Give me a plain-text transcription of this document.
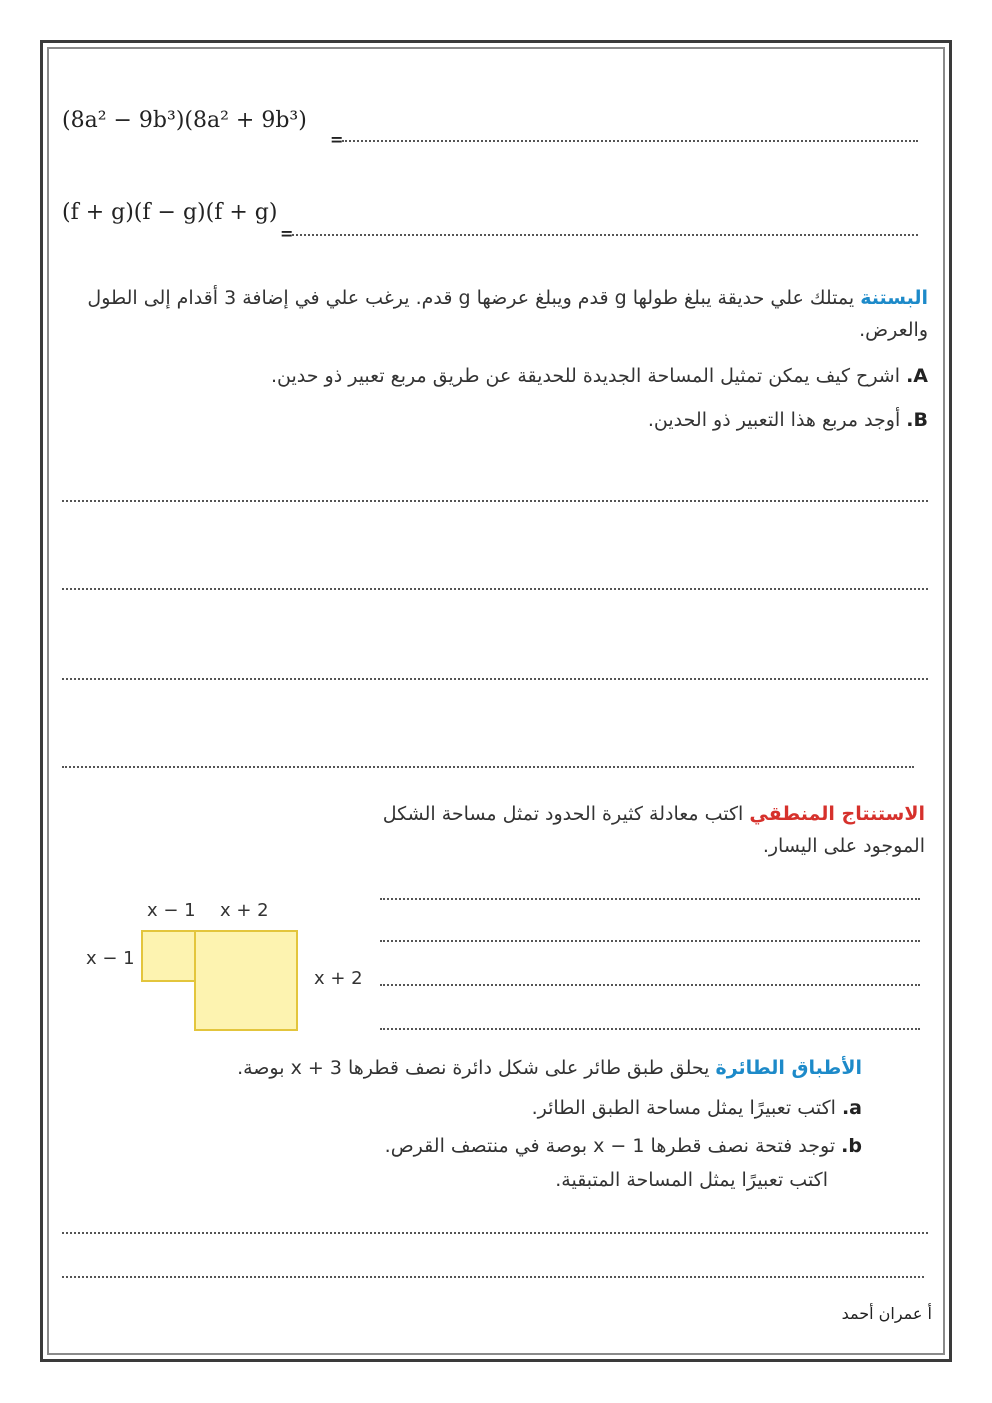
(8a² − 9b³)(8a² + 9b³)
=
(f + g)(f − g)(f + g)
=
البستنة يمتلك علي حديقة يبلغ طولها g قدم ويبلغ عرضها g قدم. يرغب علي في إضافة 3 أقدام إلى الطول والعرض.
A. اشرح كيف يمكن تمثيل المساحة الجديدة للحديقة عن طريق مربع تعبير ذو حدين.
B. أوجد مربع هذا التعبير ذو الحدين.
الاستنتاج المنطقي اكتب معادلة كثيرة الحدود تمثل مساحة الشكل الموجود على اليسار.
x − 1 x + 2
x − 1
x + 2
الأطباق الطائرة يحلق طبق طائر على شكل دائرة نصف قطرها x + 3 بوصة.
a. اكتب تعبيرًا يمثل مساحة الطبق الطائر.
b. توجد فتحة نصف قطرها x − 1 بوصة في منتصف القرص.
اكتب تعبيرًا يمثل المساحة المتبقية.
أ عمران أحمد
